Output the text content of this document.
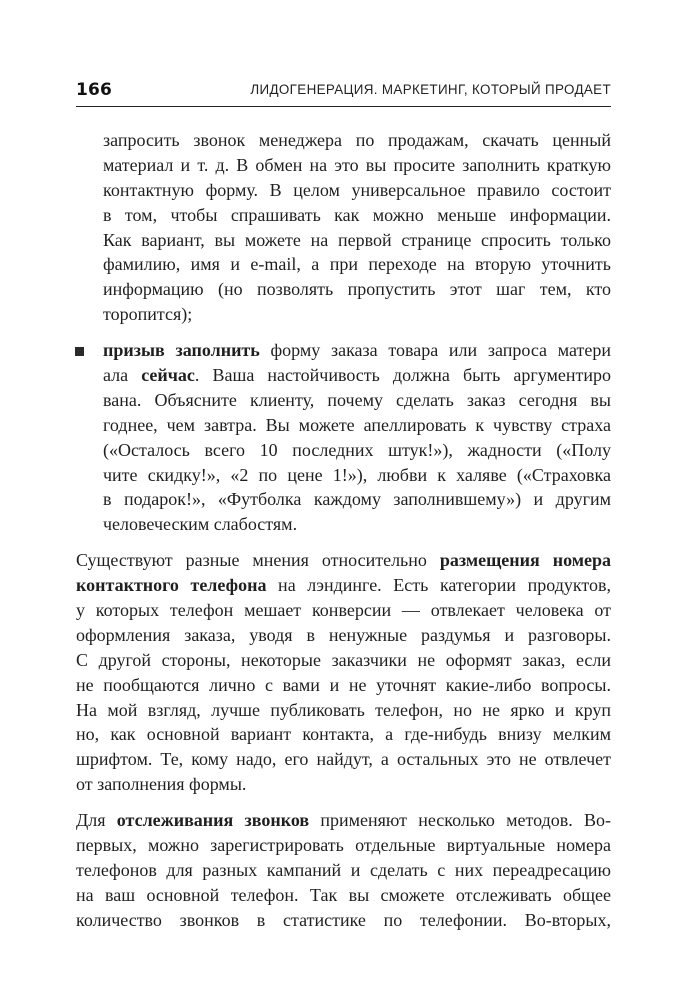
166	ЛИДОГЕНЕРАЦИЯ. МАРКЕТИНГ, КОТОРЫЙ ПРОДАЕТ
запросить звонок менеджера по продажам, скачать ценный
материал и т. д. В обмен на это вы просите заполнить краткую
контактную форму. В целом универсальное правило состоит
в том, чтобы спрашивать как можно меньше информации.
Как вариант, вы можете на первой странице спросить только
фамилию, имя и e-mail, а при переходе на вторую уточнить
информацию (но позволять пропустить этот шаг тем, кто
торопится);
призыв заполнить форму заказа товара или запроса матери
ала сейчас. Ваша настойчивость должна быть аргументиро
вана. Объясните клиенту, почему сделать заказ сегодня вы
годнее, чем завтра. Вы можете апеллировать к чувству страха
(«Осталось всего 10 последних штук!»), жадности («Полу
чите скидку!», «2 по цене 1!»), любви к халяве («Страховка
в подарок!», «Футболка каждому заполнившему») и другим
человеческим слабостям.
Существуют разные мнения относительно размещения номера
контактного телефона на лэндинге. Есть категории продуктов,
у которых телефон мешает конверсии — отвлекает человека от
оформления заказа, уводя в ненужные раздумья и разговоры.
С другой стороны, некоторые заказчики не оформят заказ, если
не пообщаются лично с вами и не уточнят какие-либо вопросы.
На мой взгляд, лучше публиковать телефон, но не ярко и круп
но, как основной вариант контакта, а где-нибудь внизу мелким
шрифтом. Те, кому надо, его найдут, а остальных это не отвлечет
от заполнения формы.
Для отслеживания звонков применяют несколько методов. Во-
первых, можно зарегистрировать отдельные виртуальные номера
телефонов для разных кампаний и сделать с них переадресацию
на ваш основной телефон. Так вы сможете отслеживать общее
количество звонков в статистике по телефонии. Во-вторых,
